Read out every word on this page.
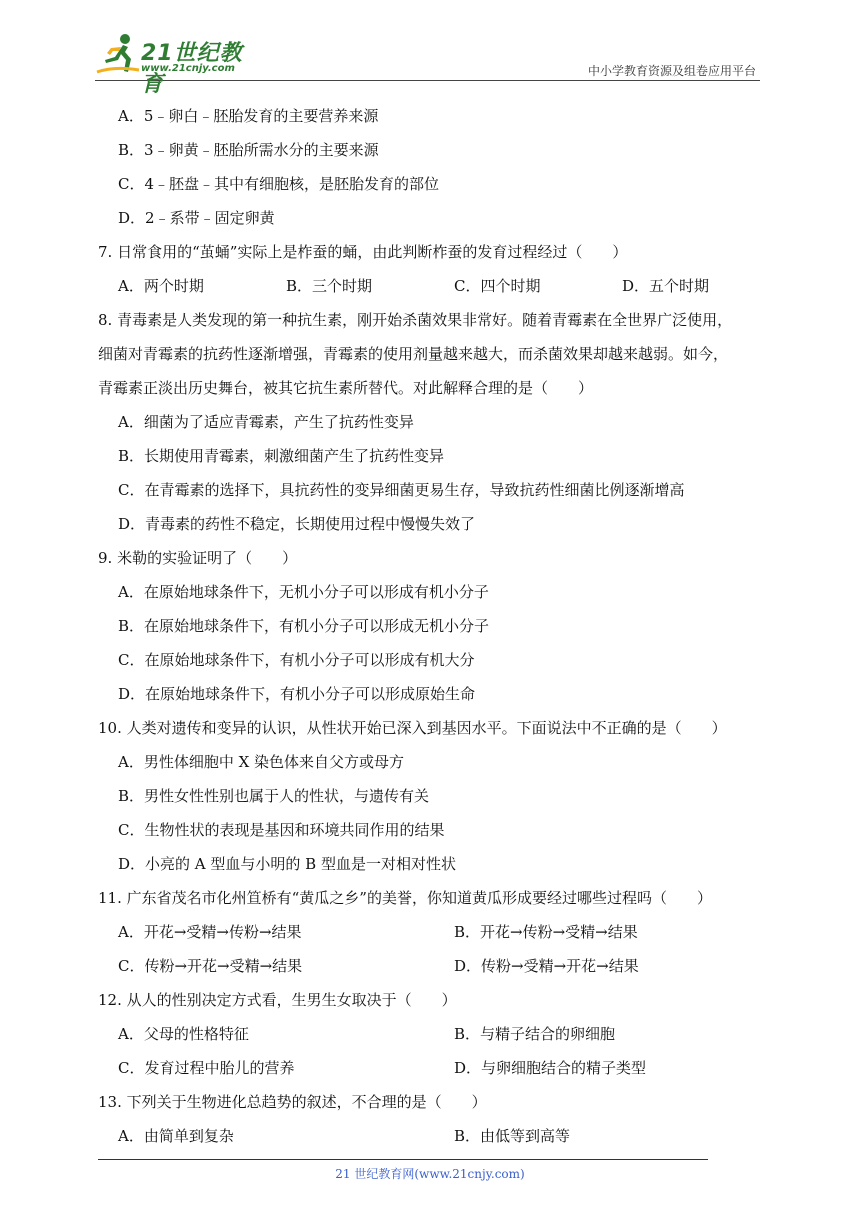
21世纪教育
www.21cnjy.com	中小学教育资源及组卷应用平台
A．5﹣卵白﹣胚胎发育的主要营养来源
B．3﹣卵黄﹣胚胎所需水分的主要来源
C．4﹣胚盘﹣其中有细胞核，是胚胎发育的部位
D．2﹣系带﹣固定卵黄
7. 日常食用的“茧蛹”实际上是柞蚕的蛹，由此判断柞蚕的发育过程经过（　　）
A．两个时期	B．三个时期	C．四个时期	D．五个时期
8. 青毒素是人类发现的第一种抗生素，刚开始杀菌效果非常好。随着青霉素在全世界广泛使用，
细菌对青霉素的抗药性逐渐增强，青霉素的使用剂量越来越大，而杀菌效果却越来越弱。如今，
青霉素正淡出历史舞台，被其它抗生素所替代。对此解释合理的是（　　）
A．细菌为了适应青霉素，产生了抗药性变异
B．长期使用青霉素，刺激细菌产生了抗药性变异
C．在青霉素的选择下，具抗药性的变异细菌更易生存，导致抗药性细菌比例逐渐增高
D．青毒素的药性不稳定，长期使用过程中慢慢失效了
9. 米勒的实验证明了（　　）
A．在原始地球条件下，无机小分子可以形成有机小分子
B．在原始地球条件下，有机小分子可以形成无机小分子
C．在原始地球条件下，有机小分子可以形成有机大分
D．在原始地球条件下，有机小分子可以形成原始生命
10. 人类对遗传和变异的认识，从性状开始已深入到基因水平。下面说法中不正确的是（　　）
A．男性体细胞中 X 染色体来自父方或母方
B．男性女性性别也属于人的性状，与遗传有关
C．生物性状的表现是基因和环境共同作用的结果
D．小亮的 A 型血与小明的 B 型血是一对相对性状
11. 广东省茂名市化州笪桥有“黄瓜之乡”的美誉，你知道黄瓜形成要经过哪些过程吗（　　）
A．开花→受精→传粉→结果	B．开花→传粉→受精→结果
C．传粉→开花→受精→结果	D．传粉→受精→开花→结果
12. 从人的性别决定方式看，生男生女取决于（　　）
A．父母的性格特征	B．与精子结合的卵细胞
C．发育过程中胎儿的营养	D．与卵细胞结合的精子类型
13. 下列关于生物进化总趋势的叙述，不合理的是（　　）
A．由简单到复杂	B．由低等到高等
21 世纪教育网(www.21cnjy.com)
